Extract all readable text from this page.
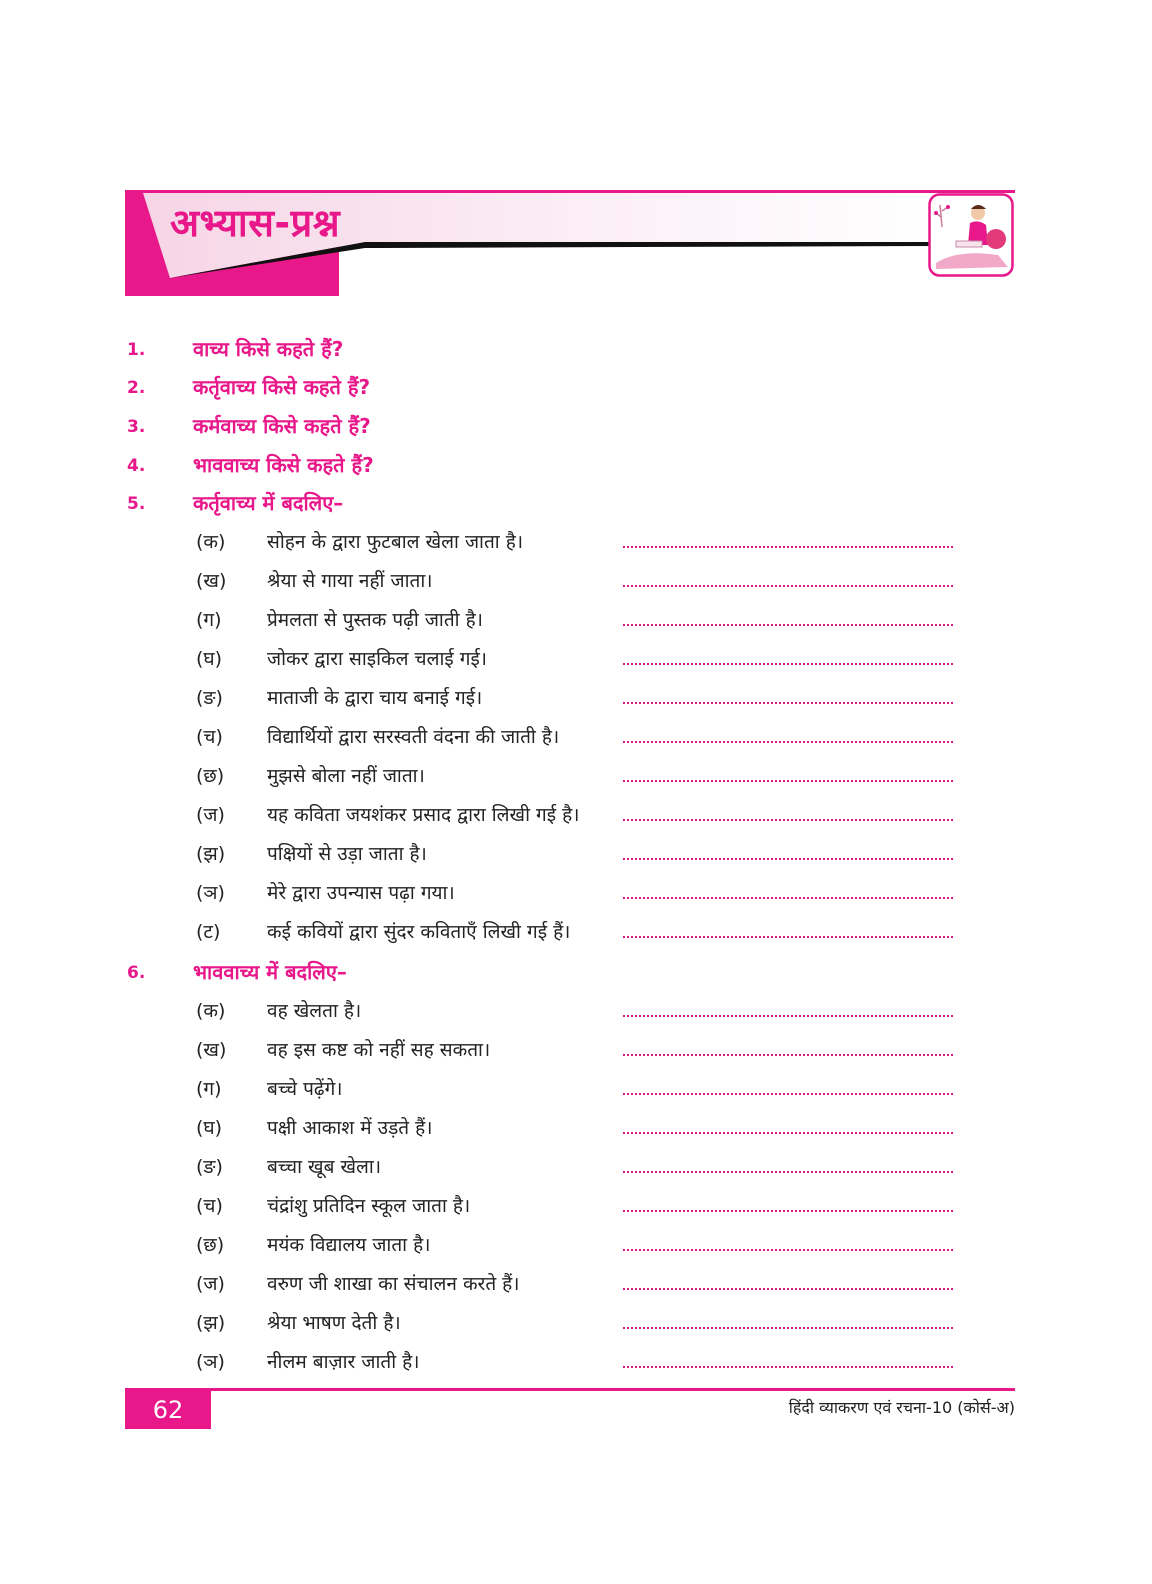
अभ्यास-प्रश्न
1. वाच्य किसे कहते हैं?
2. कर्तृवाच्य किसे कहते हैं?
3. कर्मवाच्य किसे कहते हैं?
4. भाववाच्य किसे कहते हैं?
5. कर्तृवाच्य में बदलिए–
(क) सोहन के द्वारा फुटबाल खेला जाता है।
(ख) श्रेया से गाया नहीं जाता।
(ग) प्रेमलता से पुस्तक पढ़ी जाती है।
(घ) जोकर द्वारा साइकिल चलाई गई।
(ङ) माताजी के द्वारा चाय बनाई गई।
(च) विद्यार्थियों द्वारा सरस्वती वंदना की जाती है।
(छ) मुझसे बोला नहीं जाता।
(ज) यह कविता जयशंकर प्रसाद द्वारा लिखी गई है।
(झ) पक्षियों से उड़ा जाता है।
(ञ) मेरे द्वारा उपन्यास पढ़ा गया।
(ट) कई कवियों द्वारा सुंदर कविताएँ लिखी गई हैं।
6. भाववाच्य में बदलिए–
(क) वह खेलता है।
(ख) वह इस कष्ट को नहीं सह सकता।
(ग) बच्चे पढ़ेंगे।
(घ) पक्षी आकाश में उड़ते हैं।
(ङ) बच्चा खूब खेला।
(च) चंद्रांशु प्रतिदिन स्कूल जाता है।
(छ) मयंक विद्यालय जाता है।
(ज) वरुण जी शाखा का संचालन करते हैं।
(झ) श्रेया भाषण देती है।
(ञ) नीलम बाज़ार जाती है।
62	हिंदी व्याकरण एवं रचना-10 (कोर्स-अ)
